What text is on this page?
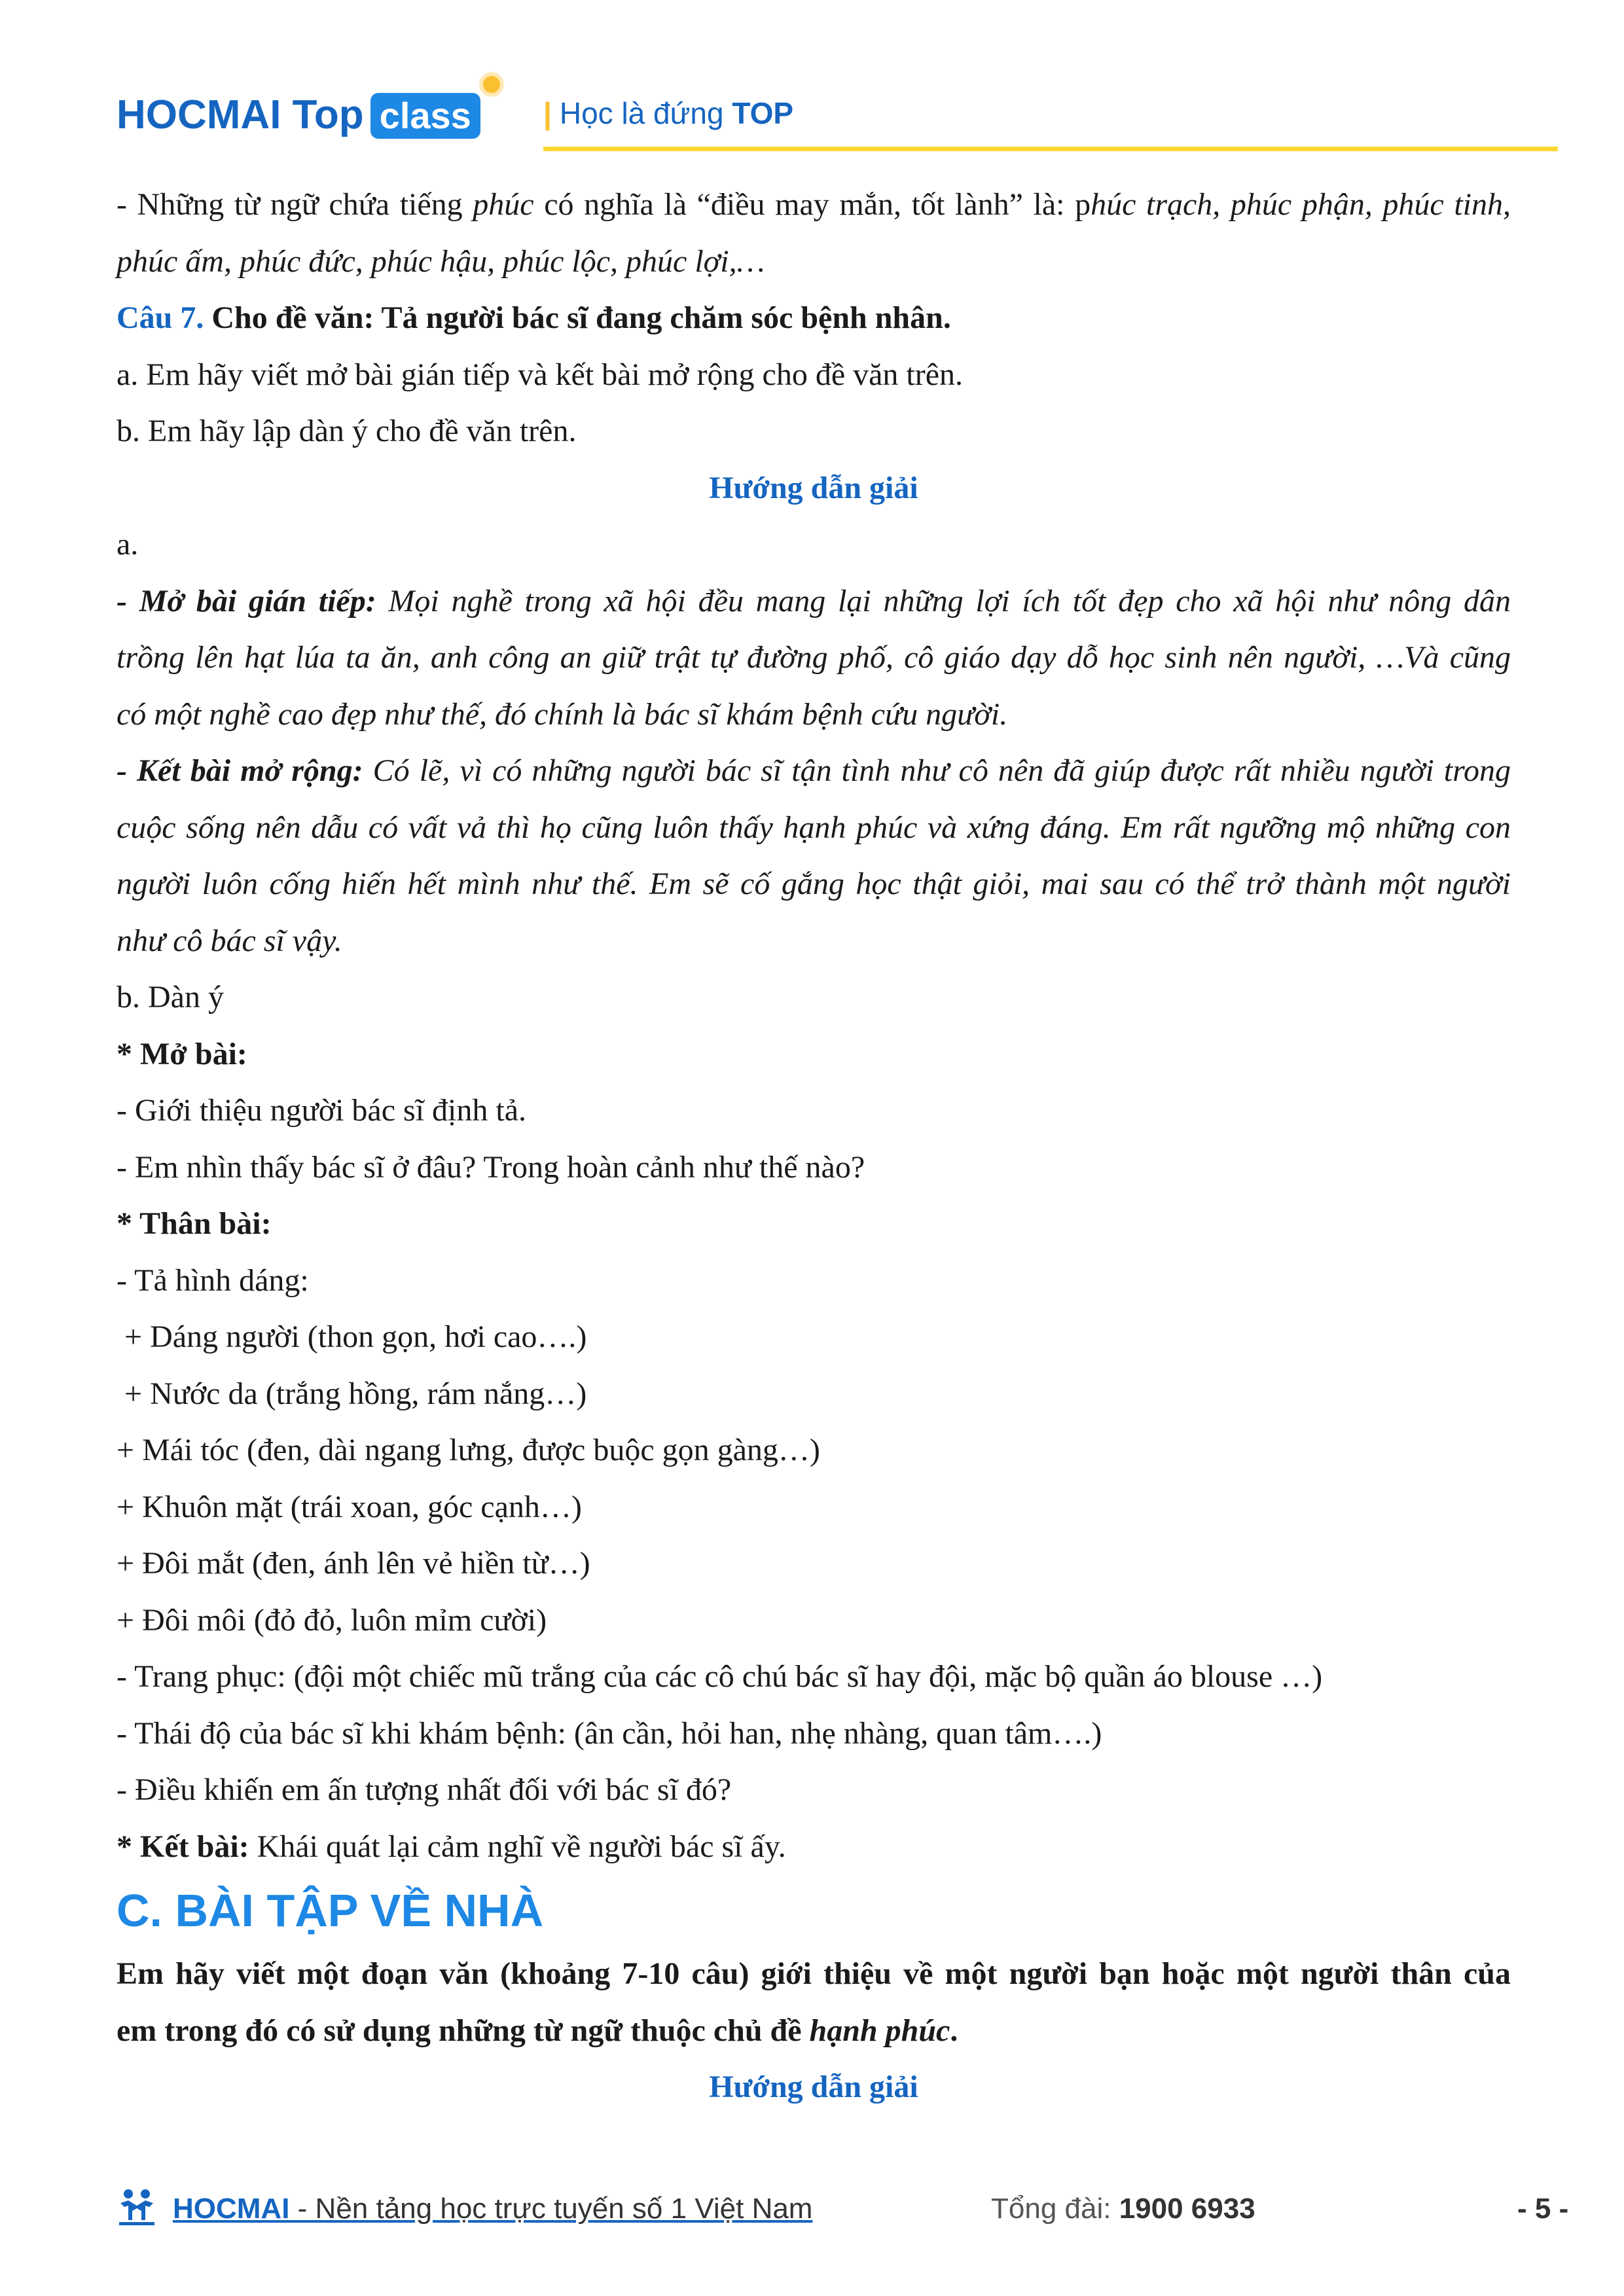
HOCMAI Top class	| Học là đứng TOP

- Những từ ngữ chứa tiếng phúc có nghĩa là “điều may mắn, tốt lành” là: phúc trạch, phúc phận, phúc tinh,

phúc ấm, phúc đức, phúc hậu, phúc lộc, phúc lợi,…

Câu 7. Cho đề văn: Tả người bác sĩ đang chăm sóc bệnh nhân.

a. Em hãy viết mở bài gián tiếp và kết bài mở rộng cho đề văn trên.

b. Em hãy lập dàn ý cho đề văn trên.

Hướng dẫn giải

a.

- Mở bài gián tiếp: Mọi nghề trong xã hội đều mang lại những lợi ích tốt đẹp cho xã hội như nông dân

trồng lên hạt lúa ta ăn, anh công an giữ trật tự đường phố, cô giáo dạy dỗ học sinh nên người, …Và cũng

có một nghề cao đẹp như thế, đó chính là bác sĩ khám bệnh cứu người.

- Kết bài mở rộng: Có lẽ, vì có những người bác sĩ tận tình như cô nên đã giúp được rất nhiều người trong

cuộc sống nên dẫu có vất vả thì họ cũng luôn thấy hạnh phúc và xứng đáng. Em rất ngưỡng mộ những con

người luôn cống hiến hết mình như thế. Em sẽ cố gắng học thật giỏi, mai sau có thể trở thành một người

như cô bác sĩ vậy.

b. Dàn ý

* Mở bài:

- Giới thiệu người bác sĩ định tả.

- Em nhìn thấy bác sĩ ở đâu? Trong hoàn cảnh như thế nào?

* Thân bài:

- Tả hình dáng:

+ Dáng người (thon gọn, hơi cao….)

+ Nước da (trắng hồng, rám nắng…)

+ Mái tóc (đen, dài ngang lưng, được buộc gọn gàng…)

+ Khuôn mặt (trái xoan, góc cạnh…)

+ Đôi mắt (đen, ánh lên vẻ hiền từ…)

+ Đôi môi (đỏ đỏ, luôn mỉm cười)

- Trang phục: (đội một chiếc mũ trắng của các cô chú bác sĩ hay đội, mặc bộ quần áo blouse …)

- Thái độ của bác sĩ khi khám bệnh: (ân cần, hỏi han, nhẹ nhàng, quan tâm….)

- Điều khiến em ấn tượng nhất đối với bác sĩ đó?

* Kết bài: Khái quát lại cảm nghĩ về người bác sĩ ấy.

C. BÀI TẬP VỀ NHÀ

Em hãy viết một đoạn văn (khoảng 7-10 câu) giới thiệu về một người bạn hoặc một người thân của

em trong đó có sử dụng những từ ngữ thuộc chủ đề hạnh phúc.

Hướng dẫn giải

HOCMAI - Nền tảng học trực tuyến số 1 Việt Nam	Tổng đài: 1900 6933	- 5 -
